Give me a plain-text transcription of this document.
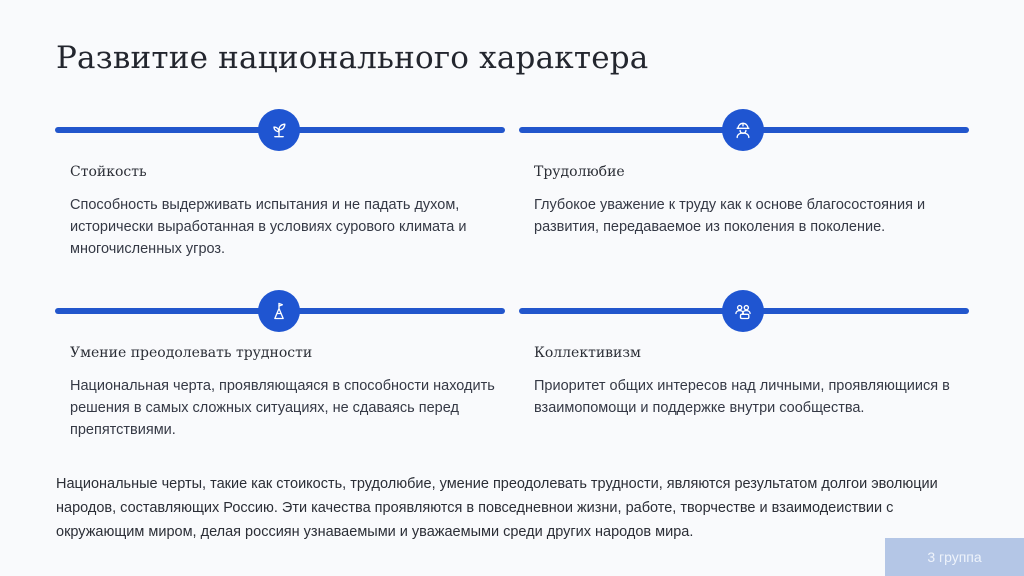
Развитие национального характера
Стойкость
Способность выдерживать испытания и не падать духом, исторически выработанная в условиях сурового климата и многочисленных угроз.
Трудолюбие
Глубокое уважение к труду как к основе благосостояния и развития, передаваемое из поколения в поколение.
Умение преодолевать трудности
Национальная черта, проявляющаяся в способности находить решения в самых сложных ситуациях, не сдаваясь перед препятствиями.
Коллективизм
Приоритет общих интересов над личными, проявляющиися в взаимопомощи и поддержке внутри сообщества.

Национальные черты, такие как стоикость, трудолюбие, умение преодолевать трудности, являются результатом долгои эволюции народов, составляющих Россию. Эти качества проявляются в повседневнои жизни, работе, творчестве и взаимодеиствии с окружающим миром, делая россиян узнаваемыми и уважаемыми среди других народов мира.

3 группа
